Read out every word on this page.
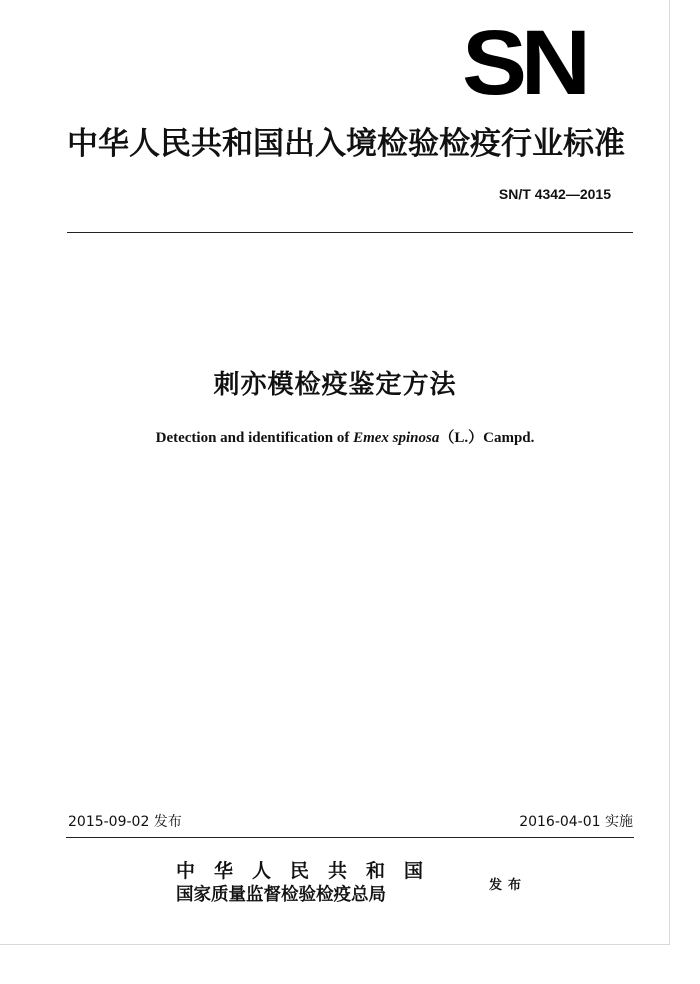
SN
中华人民共和国出入境检验检疫行业标准
SN/T 4342—2015
刺亦模检疫鉴定方法
Detection and identification of Emex spinosa（L.）Campd.
2015-09-02 发布	2016-04-01 实施
中华人民共和国
国家质量监督检验检疫总局	发布
